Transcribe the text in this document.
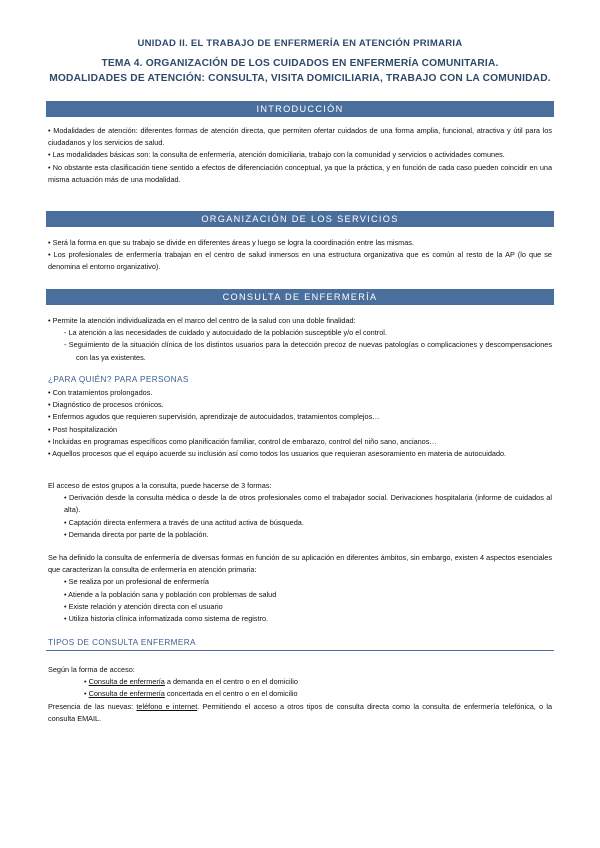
UNIDAD II. EL TRABAJO DE ENFERMERÍA EN ATENCIÓN PRIMARIA
TEMA 4. ORGANIZACIÓN DE LOS CUIDADOS EN ENFERMERÍA COMUNITARIA.
MODALIDADES DE ATENCIÓN: CONSULTA, VISITA DOMICILIARIA, TRABAJO CON LA COMUNIDAD.
INTRODUCCIÓN

• Modalidades de atención: diferentes formas de atención directa, que permiten ofertar cuidados de una forma amplia, funcional, atractiva y útil para los ciudadanos y los servicios de salud.

• Las modalidades básicas son: la consulta de enfermería, atención domiciliaria, trabajo con la comunidad y servicios o actividades comunes.

• No obstante esta clasificación tiene sentido a efectos de diferenciación conceptual, ya que la práctica, y en función de cada caso pueden coincidir en una misma actuación más de una modalidad.

ORGANIZACIÓN DE LOS SERVICIOS

• Será la forma en que su trabajo se divide en diferentes áreas y luego se logra la coordinación entre las mismas.

• Los profesionales de enfermería trabajan en el centro de salud inmersos en una estructura organizativa que es común al resto de la AP (lo que se denomina el entorno organizativo).

CONSULTA DE ENFERMERÍA

• Permite la atención individualizada en el marco del centro de la salud con una doble finalidad:

- La atención a las necesidades de cuidado y autocuidado de la población susceptible y/o el control.

- Seguimiento de la situación clínica de los distintos usuarios para la detección precoz de nuevas patologías o complicaciones y descompensaciones con las ya existentes.

¿PARA QUIÉN? PARA PERSONAS

• Con tratamientos prolongados.

• Diagnóstico de procesos crónicos.

• Enfermos agudos que requieren supervisión, aprendizaje de autocuidados, tratamientos complejos…

• Post hospitalización

• Incluidas en programas específicos como planificación familiar, control de embarazo, control del niño sano, ancianos…

• Aquellos procesos que el equipo acuerde su inclusión así como todos los usuarios que requieran asesoramiento en materia de autocuidado.

El acceso de estos grupos a la consulta, puede hacerse de 3 formas:

• Derivación desde la consulta médica o desde la de otros profesionales como el trabajador social. Derivaciones hospitalaria (informe de cuidados al alta).

• Captación directa enfermera a través de una actitud activa de búsqueda.

• Demanda directa por parte de la población.

Se ha definido la consulta de enfermería de diversas formas en función de su aplicación en diferentes ámbitos, sin embargo, existen 4 aspectos esenciales que caracterizan la consulta de enfermería en atención primaria:

• Se realiza por un profesional de enfermería

• Atiende a la población sana y población con problemas de salud

• Existe relación y atención directa con el usuario

• Utiliza historia clínica informatizada como sistema de registro.

TIPOS DE CONSULTA ENFERMERA

Según la forma de acceso:

• Consulta de enfermería a demanda en el centro o en el domicilio

• Consulta de enfermería concertada en el centro o en el domicilio

Presencia de las nuevas: teléfono e internet. Permitiendo el acceso a otros tipos de consulta directa como la consulta de enfermería telefónica, o la consulta EMAIL.
